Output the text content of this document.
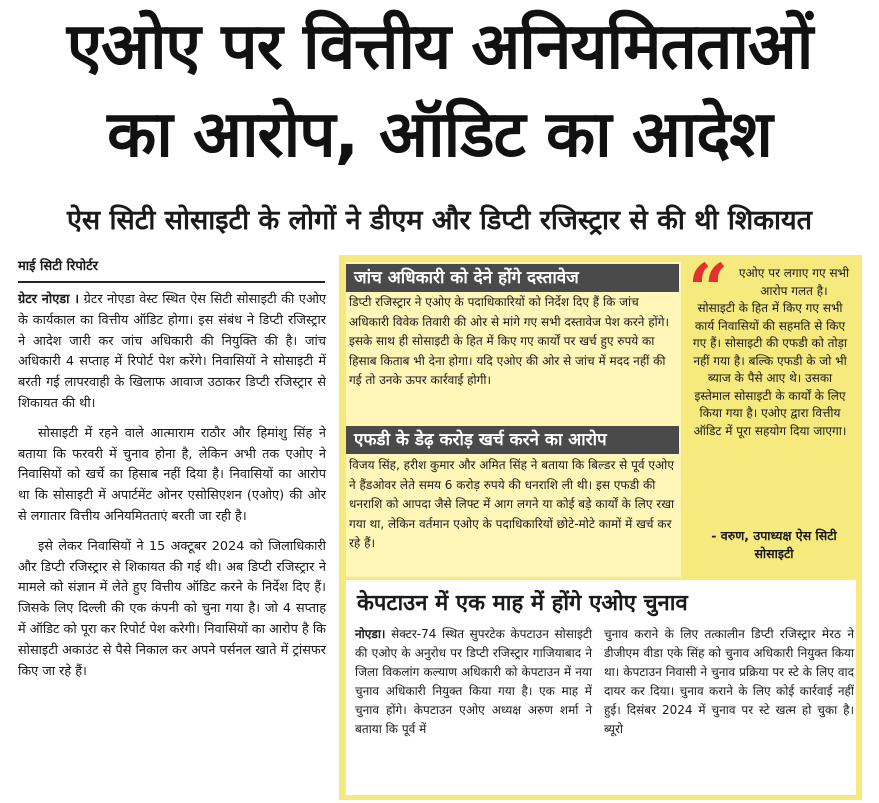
एओए पर वित्तीय अनियमितताओं
का आरोप, ऑडिट का आदेश
ऐस सिटी सोसाइटी के लोगों ने डीएम और डिप्टी रजिस्ट्रार से की थी शिकायत
माई सिटी रिपोर्टर

ग्रेटर नोएडा । ग्रेटर नोएडा वेस्ट स्थित ऐस सिटी सोसाइटी की एओए के कार्यकाल का वित्तीय ऑडिट होगा। इस संबंध ने डिप्टी रजिस्ट्रार ने आदेश जारी कर जांच अधिकारी की नियुक्ति की है। जांच अधिकारी 4 सप्ताह में रिपोर्ट पेश करेंगे। निवासियों ने सोसाइटी में बरती गई लापरवाही के खिलाफ आवाज उठाकर डिप्टी रजिस्ट्रार से शिकायत की थी।

सोसाइटी में रहने वाले आत्माराम राठौर और हिमांशु सिंह ने बताया कि फरवरी में चुनाव होना है, लेकिन अभी तक एओए ने निवासियों को खर्चे का हिसाब नहीं दिया है। निवासियों का आरोप था कि सोसाइटी में अपार्टमेंट ओनर एसोसिएशन (एओए) की ओर से लगातार वित्तीय अनियमितताएं बरती जा रही है।

इसे लेकर निवासियों ने 15 अक्टूबर 2024 को जिलाधिकारी और डिप्टी रजिस्ट्रार से शिकायत की गई थी। अब डिप्टी रजिस्ट्रार ने मामले को संज्ञान में लेते हुए वित्तीय ऑडिट करने के निर्देश दिए हैं। जिसके लिए दिल्ली की एक कंपनी को चुना गया है। जो 4 सप्ताह में ऑडिट को पूरा कर रिपोर्ट पेश करेगी। निवासियों का आरोप है कि सोसाइटी अकाउंट से पैसे निकाल कर अपने पर्सनल खाते में ट्रांसफर किए जा रहे हैं।

जांच अधिकारी को देने होंगे दस्तावेज
डिप्टी रजिस्ट्रार ने एओए के पदाधिकारियों को निर्देश दिए हैं कि जांच अधिकारी विवेक तिवारी की ओर से मांगे गए सभी दस्तावेज पेश करने होंगे। इसके साथ ही सोसाइटी के हित में किए गए कार्यों पर खर्च हुए रुपये का हिसाब किताब भी देना होगा। यदि एओए की ओर से जांच में मदद नहीं की गई तो उनके ऊपर कार्रवाई होगी।
एफडी के डेढ़ करोड़ खर्च करने का आरोप
विजय सिंह, हरीश कुमार और अमित सिंह ने बताया कि बिल्डर से पूर्व एओए ने हैंडओवर लेते समय 6 करोड़ रुपये की धनराशि ली थी। इस एफडी की धनराशि को आपदा जैसे लिफ्ट में आग लगने या कोई बड़े कार्यों के लिए रखा गया था, लेकिन वर्तमान एओए के पदाधिकारियों छोटे-मोटे कामों में खर्च कर रहे हैं।
“ एओए पर लगाए गए सभी आरोप गलत है।
सोसाइटी के हित में किए गए सभी कार्य निवासियों की सहमति से किए गए हैं। सोसाइटी की एफडी को तोड़ा नहीं गया है। बल्कि एफडी के जो भी ब्याज के पैसे आए थे। उसका इस्तेमाल सोसाइटी के कार्यों के लिए किया गया है। एओए द्वारा वित्तीय ऑडिट में पूरा सहयोग दिया जाएगा।
- वरुण, उपाध्यक्ष ऐस सिटी सोसाइटी
केपटाउन में एक माह में होंगे एओए चुनाव
नोएडा। सेक्टर-74 स्थित सुपरटेक केपटाउन सोसाइटी की एओए के अनुरोध पर डिप्टी रजिस्ट्रार गाजियाबाद ने जिला विकलांग कल्याण अधिकारी को केपटाउन में नया चुनाव अधिकारी नियुक्त किया गया है। एक माह में चुनाव होंगे। केपटाउन एओए अध्यक्ष अरुण शर्मा ने बताया कि पूर्व में
चुनाव कराने के लिए तत्कालीन डिप्टी रजिस्ट्रार मेरठ ने डीजीएम वीडा एके सिंह को चुनाव अधिकारी नियुक्त किया था। केपटाउन निवासी ने चुनाव प्रक्रिया पर स्टे के लिए वाद दायर कर दिया। चुनाव कराने के लिए कोई कार्रवाई नहीं हुई। दिसंबर 2024 में चुनाव पर स्टे खत्म हो चुका है। ब्यूरो
